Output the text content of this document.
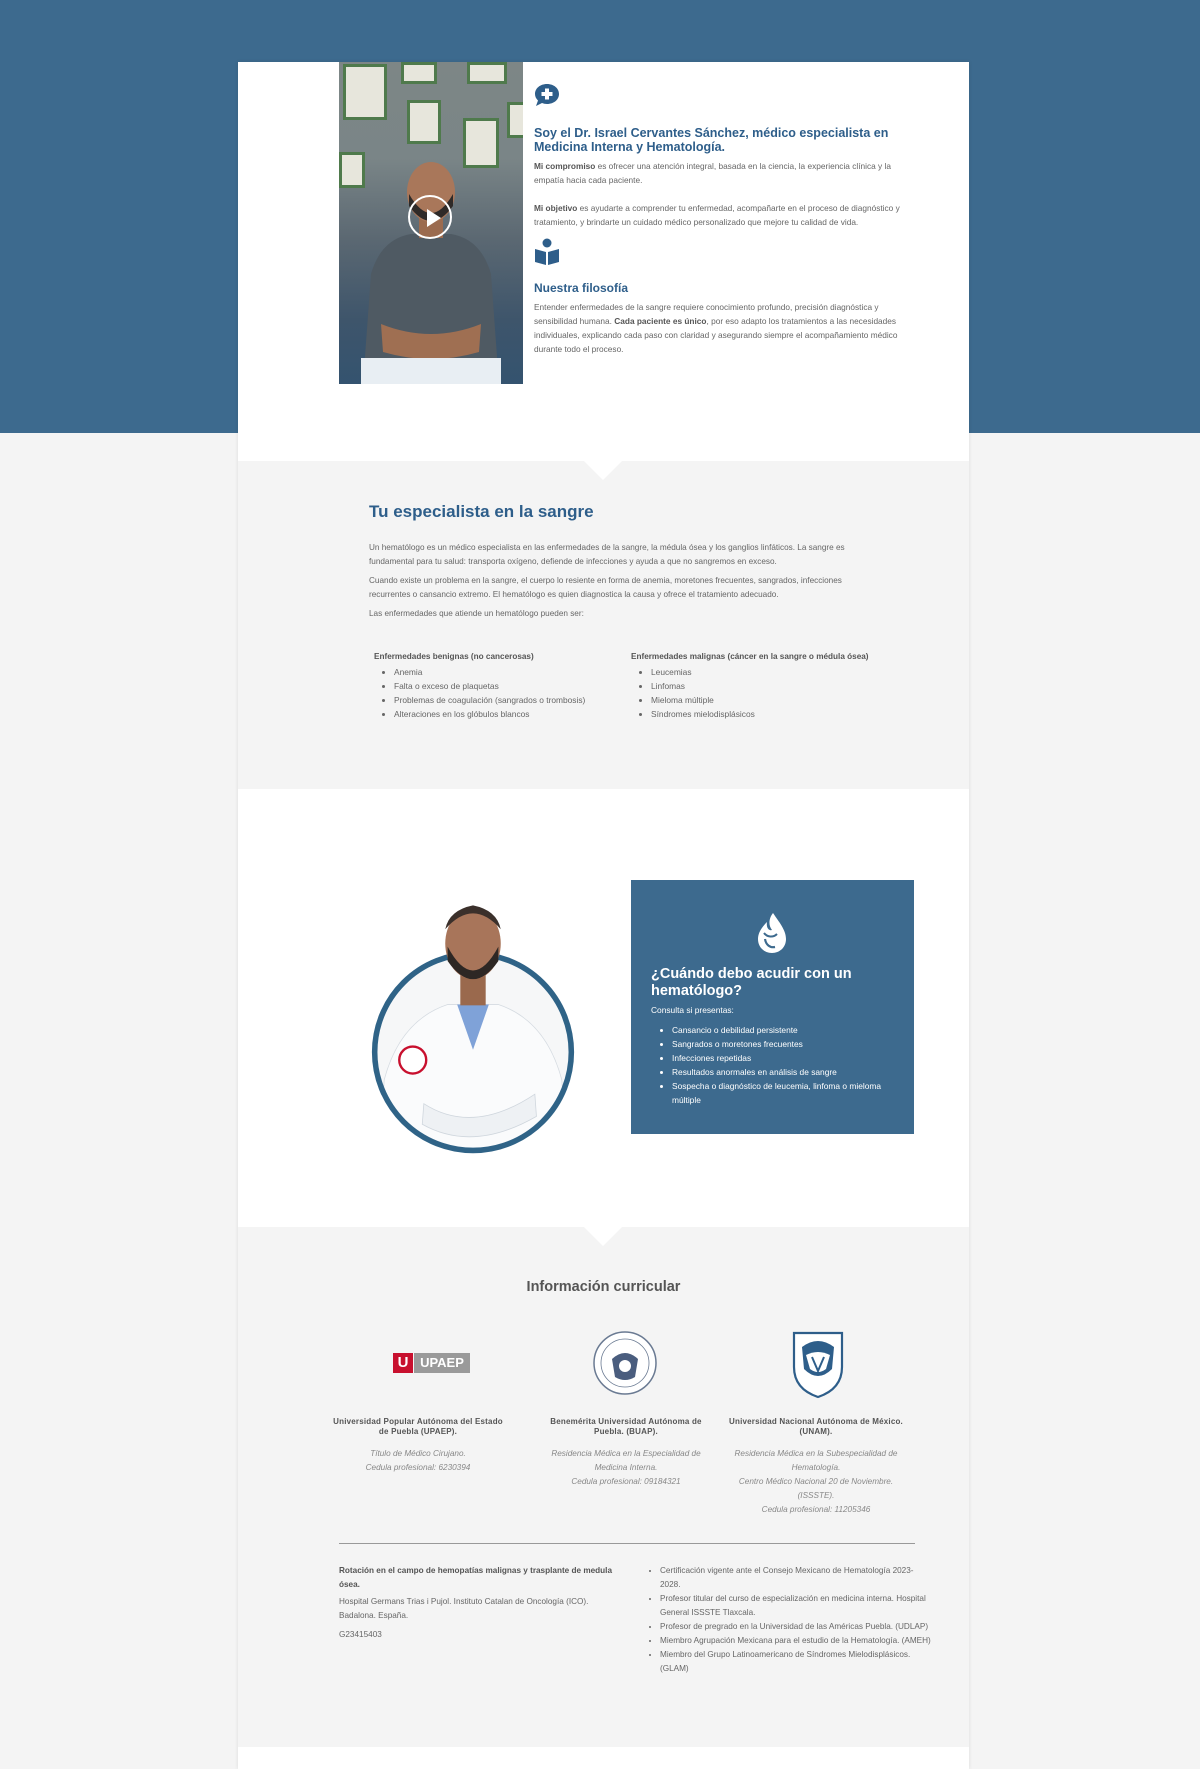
Soy el Dr. Israel Cervantes Sánchez, médico especialista en Medicina Interna y Hematología.

Mi compromiso es ofrecer una atención integral, basada en la ciencia, la experiencia clínica y la empatía hacia cada paciente.

Mi objetivo es ayudarte a comprender tu enfermedad, acompañarte en el proceso de diagnóstico y tratamiento, y brindarte un cuidado médico personalizado que mejore tu calidad de vida.

Nuestra filosofía

Entender enfermedades de la sangre requiere conocimiento profundo, precisión diagnóstica y sensibilidad humana. Cada paciente es único, por eso adapto los tratamientos a las necesidades individuales, explicando cada paso con claridad y asegurando siempre el acompañamiento médico durante todo el proceso.

Tu especialista en la sangre

Un hematólogo es un médico especialista en las enfermedades de la sangre, la médula ósea y los ganglios linfáticos. La sangre es fundamental para tu salud: transporta oxígeno, defiende de infecciones y ayuda a que no sangremos en exceso.

Cuando existe un problema en la sangre, el cuerpo lo resiente en forma de anemia, moretones frecuentes, sangrados, infecciones recurrentes o cansancio extremo. El hematólogo es quien diagnostica la causa y ofrece el tratamiento adecuado.

Las enfermedades que atiende un hematólogo pueden ser:

Enfermedades benignas (no cancerosas)

• Anemia
• Falta o exceso de plaquetas
• Problemas de coagulación (sangrados o trombosis)
• Alteraciones en los glóbulos blancos

Enfermedades malignas (cáncer en la sangre o médula ósea)

• Leucemias
• Linfomas
• Mieloma múltiple
• Síndromes mielodisplásicos
¿Cuándo debo acudir con un hematólogo?

Consulta si presentas:

• Cansancio o debilidad persistente
• Sangrados o moretones frecuentes
• Infecciones repetidas
• Resultados anormales en análisis de sangre
• Sospecha o diagnóstico de leucemia, linfoma o mieloma múltiple
Información curricular
U UPAEP

Universidad Popular Autónoma del Estado de Puebla (UPAEP).

Título de Médico Cirujano.
Cedula profesional: 6230394

Benemérita Universidad Autónoma de Puebla. (BUAP).

Residencia Médica en la Especialidad de Medicina Interna.
Cedula profesional: 09184321

Universidad Nacional Autónoma de México. (UNAM).

Residencia Médica en la Subespecialidad de Hematología.
Centro Médico Nacional 20 de Noviembre. (ISSSTE).
Cedula profesional: 11205346

Rotación en el campo de hemopatías malignas y trasplante de medula ósea.

Hospital Germans Trias i Pujol. Instituto Catalan de Oncología (ICO). Badalona. España.

G23415403

• Certificación vigente ante el Consejo Mexicano de Hematología 2023-2028.
• Profesor titular del curso de especialización en medicina interna. Hospital General ISSSTE Tlaxcala.
• Profesor de pregrado en la Universidad de las Américas Puebla. (UDLAP)
• Miembro Agrupación Mexicana para el estudio de la Hematología. (AMEH)
• Miembro del Grupo Latinoamericano de Síndromes Mielodisplásicos. (GLAM)
